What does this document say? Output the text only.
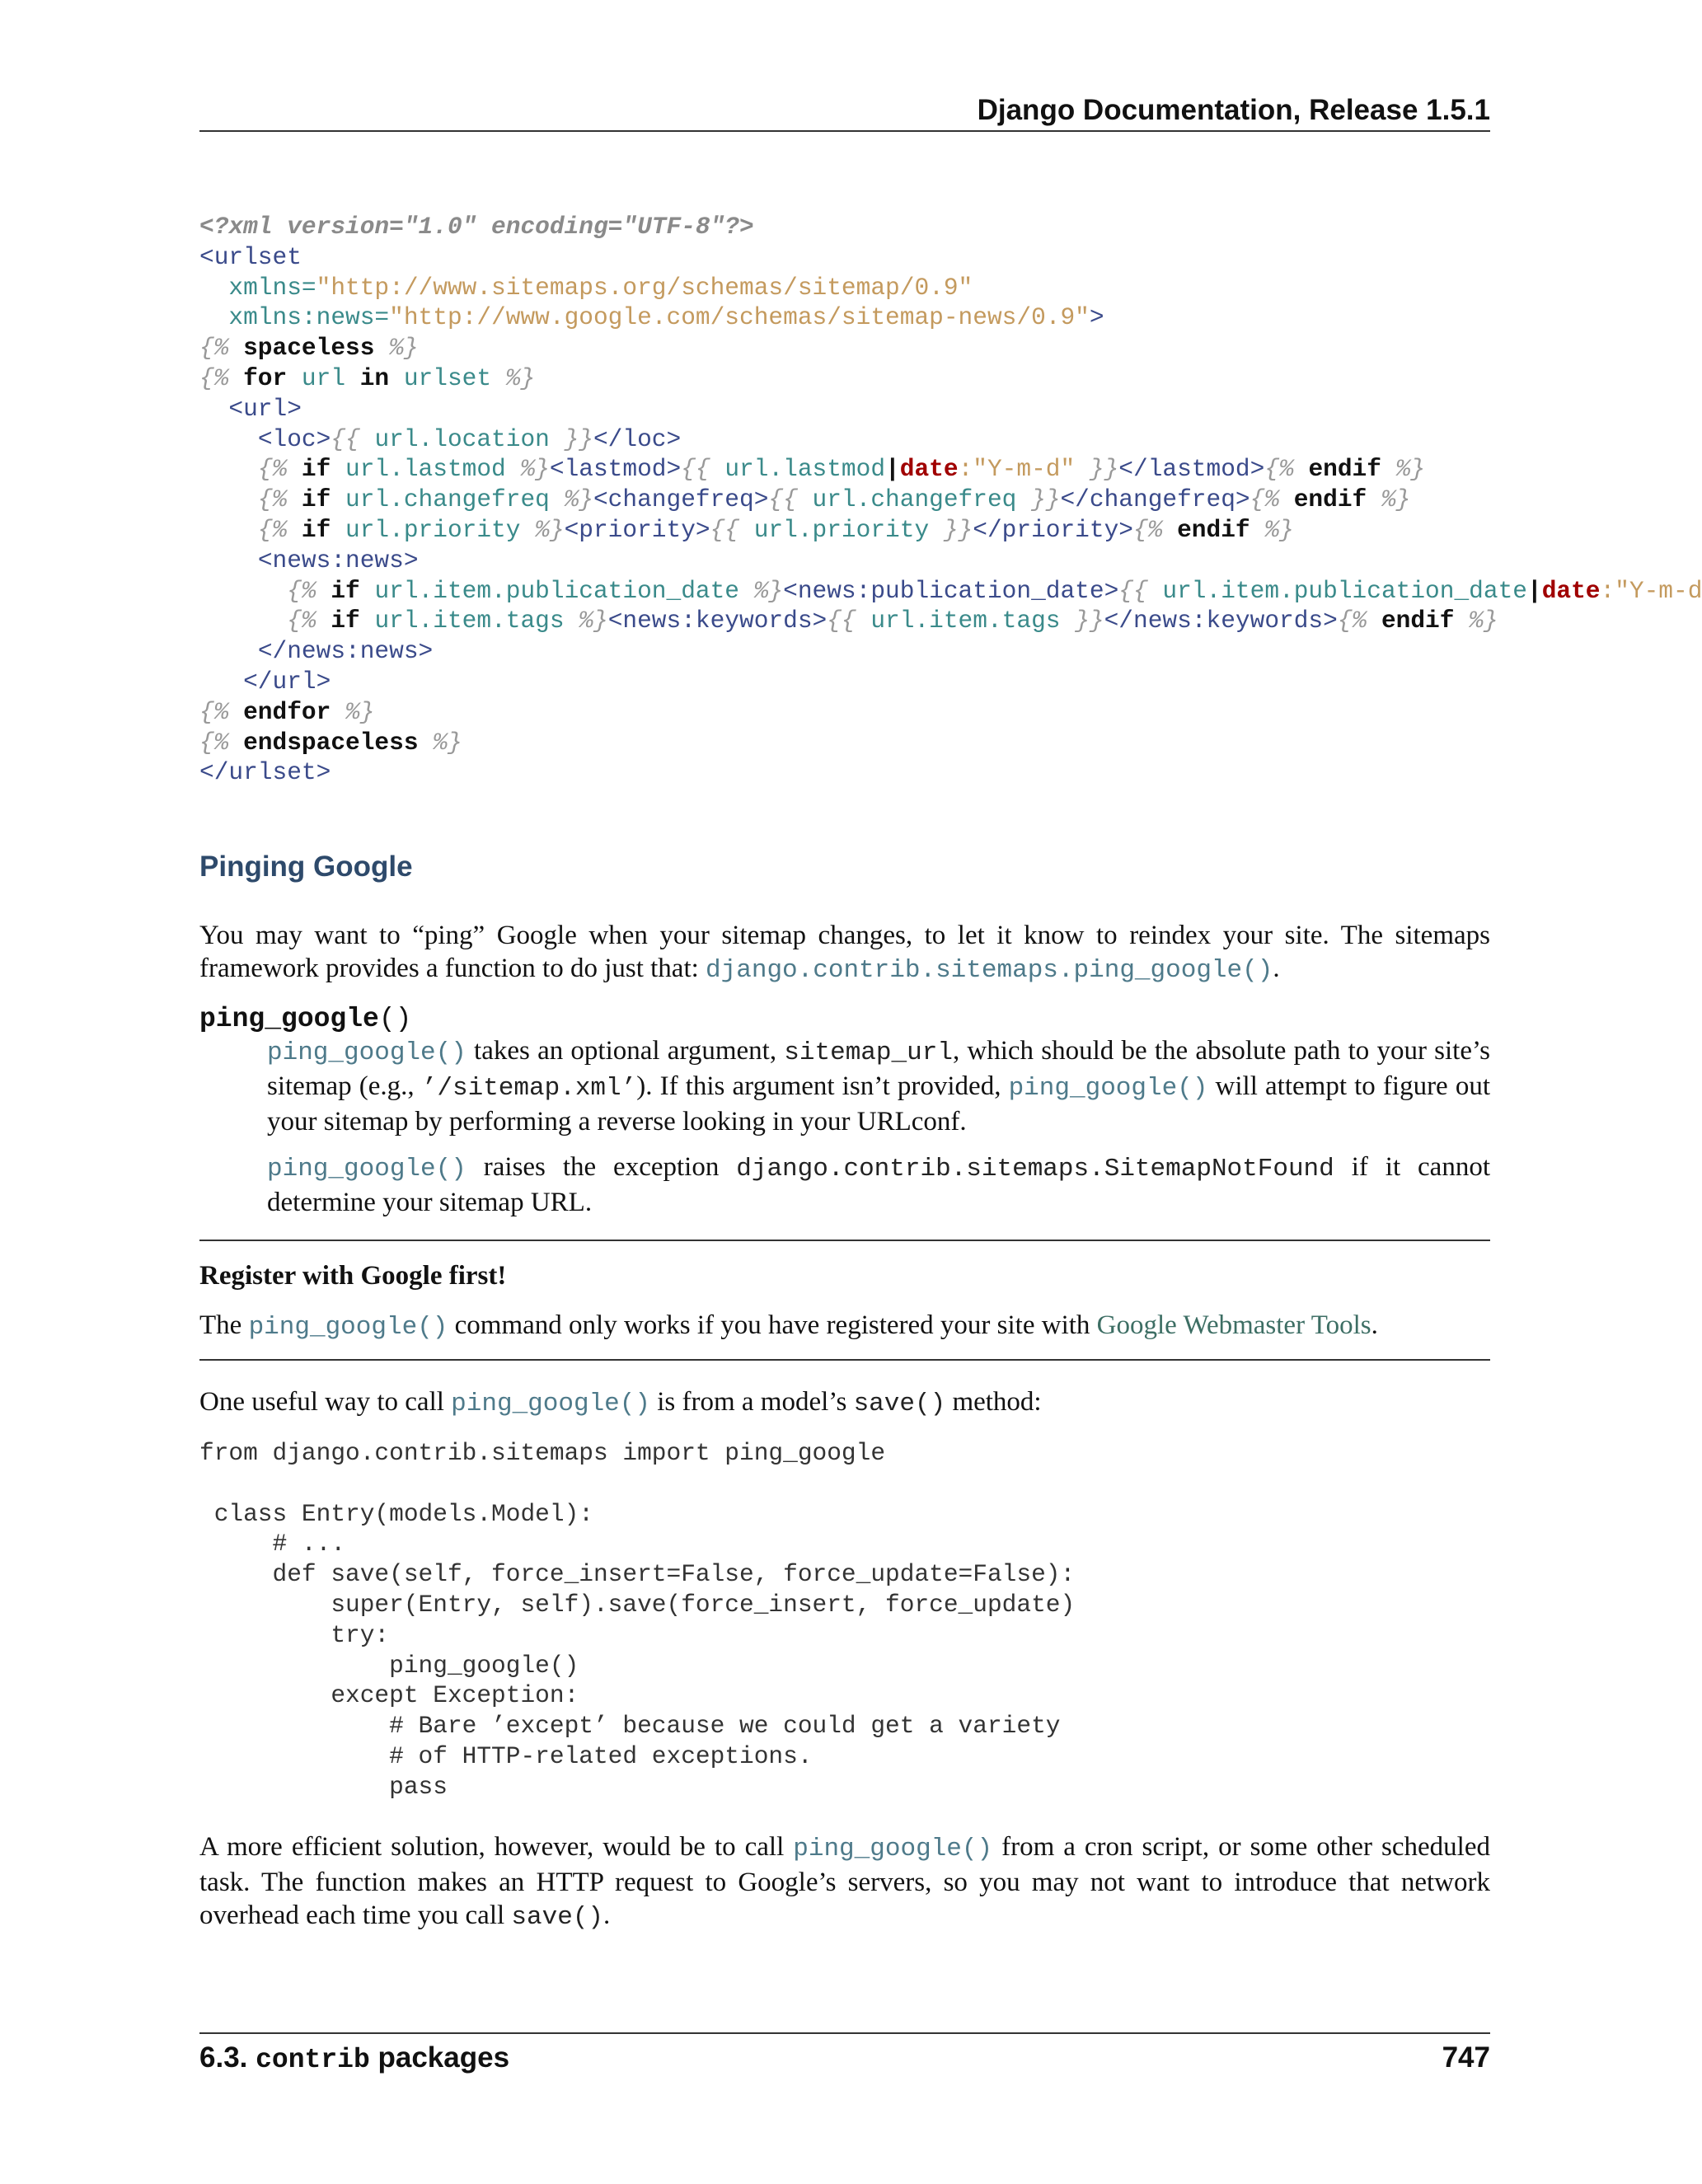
Django Documentation, Release 1.5.1
<?xml version="1.0" encoding="UTF-8"?>
<urlset
xmlns="http://www.sitemaps.org/schemas/sitemap/0.9"
xmlns:news="http://www.google.com/schemas/sitemap-news/0.9">
{% spaceless %}
{% for url in urlset %}
<url>
<loc>{{ url.location }}</loc>
{% if url.lastmod %}<lastmod>{{ url.lastmod|date:"Y-m-d" }}</lastmod>{% endif %}
{% if url.changefreq %}<changefreq>{{ url.changefreq }}</changefreq>{% endif %}
{% if url.priority %}<priority>{{ url.priority }}</priority>{% endif %}
<news:news>
{% if url.item.publication_date %}<news:publication_date>{{ url.item.publication_date|date:"Y-m-d
{% if url.item.tags %}<news:keywords>{{ url.item.tags }}</news:keywords>{% endif %}
</news:news>
</url>
{% endfor %}
{% endspaceless %}
</urlset>
Pinging Google
You may want to “ping” Google when your sitemap changes, to let it know to reindex your site. The sitemaps framework provides a function to do just that: django.contrib.sitemaps.ping_google().
ping_google()
ping_google() takes an optional argument, sitemap_url, which should be the absolute path to your site’s sitemap (e.g., ’/sitemap.xml’). If this argument isn’t provided, ping_google() will attempt to figure out your sitemap by performing a reverse looking in your URLconf.
ping_google() raises the exception django.contrib.sitemaps.SitemapNotFound if it cannot determine your sitemap URL.
Register with Google first!
The ping_google() command only works if you have registered your site with Google Webmaster Tools.
One useful way to call ping_google() is from a model’s save() method:
from django.contrib.sitemaps import ping_google

class Entry(models.Model):
# ...
def save(self, force_insert=False, force_update=False):
super(Entry, self).save(force_insert, force_update)
try:
ping_google()
except Exception:
# Bare ’except’ because we could get a variety
# of HTTP-related exceptions.
pass
A more efficient solution, however, would be to call ping_google() from a cron script, or some other scheduled task. The function makes an HTTP request to Google’s servers, so you may not want to introduce that network overhead each time you call save().
6.3. contrib packages	747
